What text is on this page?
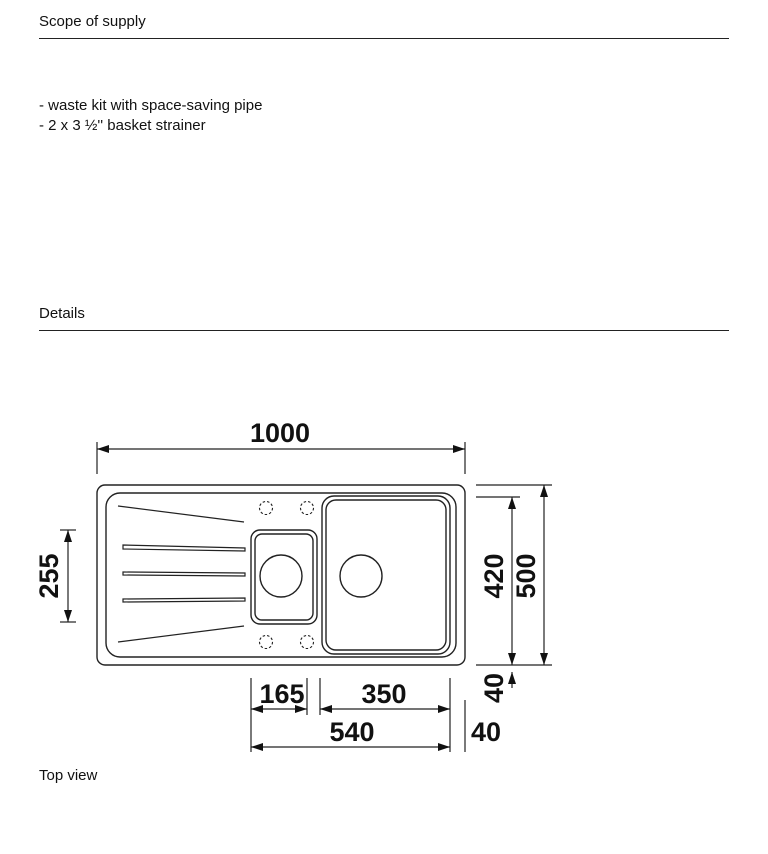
Scope of supply
- waste kit with space-saving pipe
- 2 x 3 ½'' basket strainer
Details
1000
255	420 500
40
165 350
540	40
Top view
